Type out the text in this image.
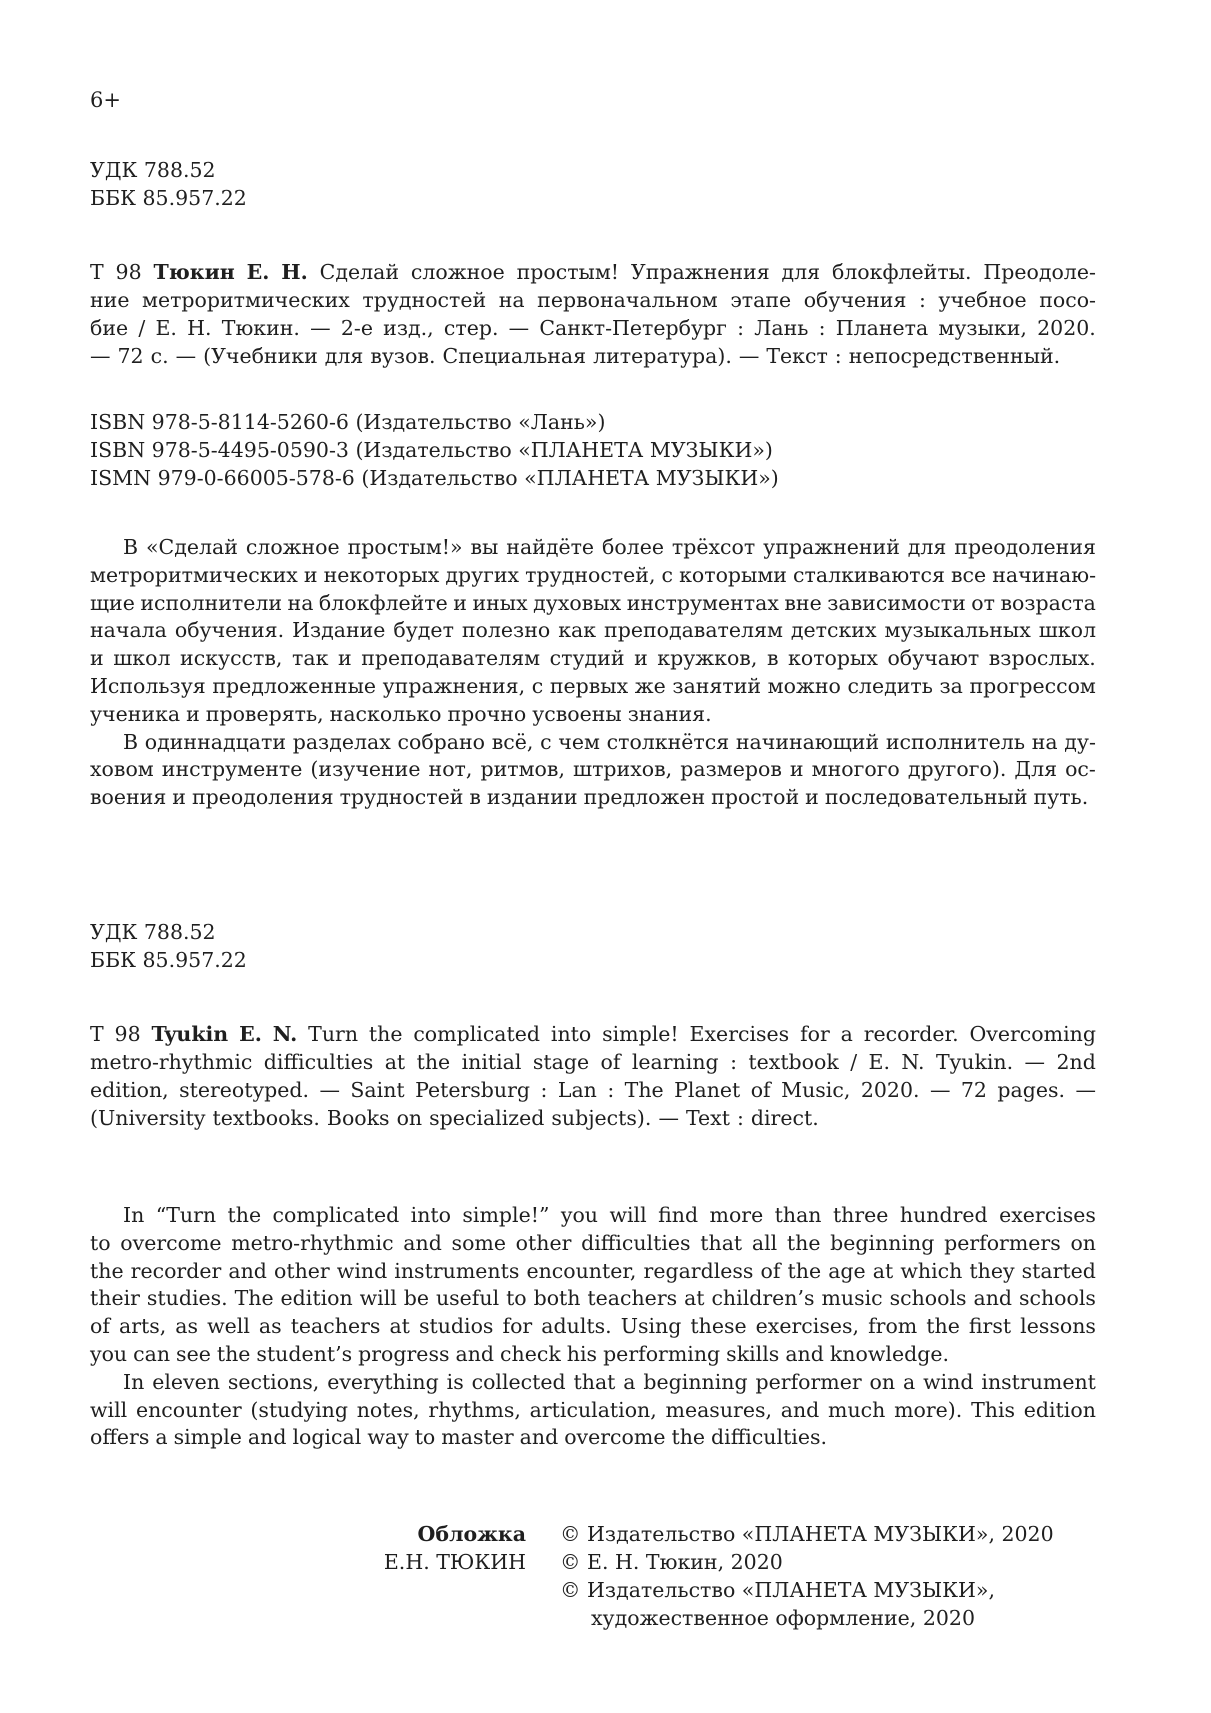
6+
УДК 788.52
ББК 85.957.22
T 98 Тюкин Е. Н. Сделай сложное простым! Упражнения для блокфлейты. Преодоле-
ние метроритмических трудностей на первоначальном этапе обучения : учебное посо-
бие / Е. Н. Тюкин. — 2-е изд., стер. — Санкт-Петербург : Лань : Планета музыки, 2020.
— 72 с. — (Учебники для вузов. Специальная литература). — Текст : непосредственный.
ISBN 978-5-8114-5260-6 (Издательство «Лань»)
ISBN 978-5-4495-0590-3 (Издательство «ПЛАНЕТА МУЗЫКИ»)
ISMN 979-0-66005-578-6 (Издательство «ПЛАНЕТА МУЗЫКИ»)
В «Сделай сложное простым!» вы найдёте более трёхсот упражнений для преодоления
метроритмических и некоторых других трудностей, с которыми сталкиваются все начинаю-
щие исполнители на блокфлейте и иных духовых инструментах вне зависимости от возраста
начала обучения. Издание будет полезно как преподавателям детских музыкальных школ
и школ искусств, так и преподавателям студий и кружков, в которых обучают взрослых.
Используя предложенные упражнения, с первых же занятий можно следить за прогрессом
ученика и проверять, насколько прочно усвоены знания.
В одиннадцати разделах собрано всё, с чем столкнётся начинающий исполнитель на ду-
ховом инструменте (изучение нот, ритмов, штрихов, размеров и многого другого). Для ос-
воения и преодоления трудностей в издании предложен простой и последовательный путь.
УДК 788.52
ББК 85.957.22
T 98 Tyukin E. N. Turn the complicated into simple! Exercises for a recorder. Overcoming
metro-rhythmic difficulties at the initial stage of learning : textbook / E. N. Tyukin. — 2nd
edition, stereotyped. — Saint Petersburg : Lan : The Planet of Music, 2020. — 72 pages. —
(University textbooks. Books on specialized subjects). — Text : direct.
In “Turn the complicated into simple!” you will find more than three hundred exercises
to overcome metro-rhythmic and some other difficulties that all the beginning performers on
the recorder and other wind instruments encounter, regardless of the age at which they started
their studies. The edition will be useful to both teachers at children’s music schools and schools
of arts, as well as teachers at studios for adults. Using these exercises, from the first lessons
you can see the student’s progress and check his performing skills and knowledge.
In eleven sections, everything is collected that a beginning performer on a wind instrument
will encounter (studying notes, rhythms, articulation, measures, and much more). This edition
offers a simple and logical way to master and overcome the difficulties.
Обложка
Е.Н. ТЮКИН
© Издательство «ПЛАНЕТА МУЗЫКИ», 2020
© Е. Н. Тюкин, 2020
© Издательство «ПЛАНЕТА МУЗЫКИ»,
художественное оформление, 2020
